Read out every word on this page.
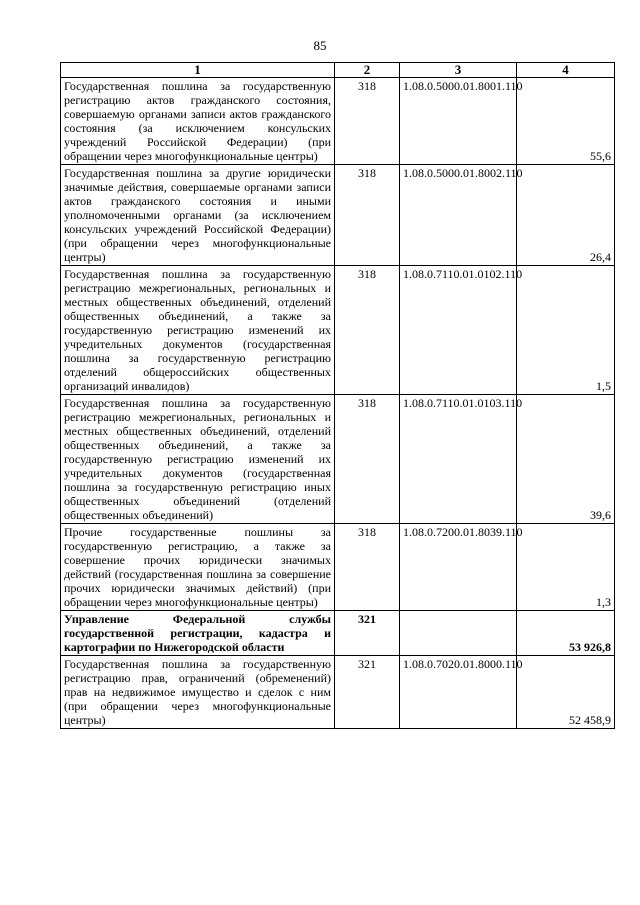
85
1	2	3	4
Государственная пошлина за государственную регистрацию актов гражданского состояния, совершаемую органами записи актов гражданского состояния (за исключением консульских учреждений Российской Федерации) (при обращении через многофункциональные центры)	318	1.08.0.5000.01.8001.110	55,6
Государственная пошлина за другие юридически значимые действия, совершаемые органами записи актов гражданского состояния и иными уполномоченными органами (за исключением консульских учреждений Российской Федерации) (при обращении через многофункциональные центры)	318	1.08.0.5000.01.8002.110	26,4
Государственная пошлина за государственную регистрацию межрегиональных, региональных и местных общественных объединений, отделений общественных объединений, а также за государственную регистрацию изменений их учредительных документов (государственная пошлина за государственную регистрацию отделений общероссийских общественных организаций инвалидов)	318	1.08.0.7110.01.0102.110	1,5
Государственная пошлина за государственную регистрацию межрегиональных, региональных и местных общественных объединений, отделений общественных объединений, а также за государственную регистрацию изменений их учредительных документов (государственная пошлина за государственную регистрацию иных общественных объединений (отделений общественных объединений)	318	1.08.0.7110.01.0103.110	39,6
Прочие государственные пошлины за государственную регистрацию, а также за совершение прочих юридически значимых действий (государственная пошлина за совершение прочих юридически значимых действий) (при обращении через многофункциональные центры)	318	1.08.0.7200.01.8039.110	1,3
Управление Федеральной службы государственной регистрации, кадастра и картографии по Нижегородской области	321		53 926,8
Государственная пошлина за государственную регистрацию прав, ограничений (обременений) прав на недвижимое имущество и сделок с ним (при обращении через многофункциональные центры)	321	1.08.0.7020.01.8000.110	52 458,9
